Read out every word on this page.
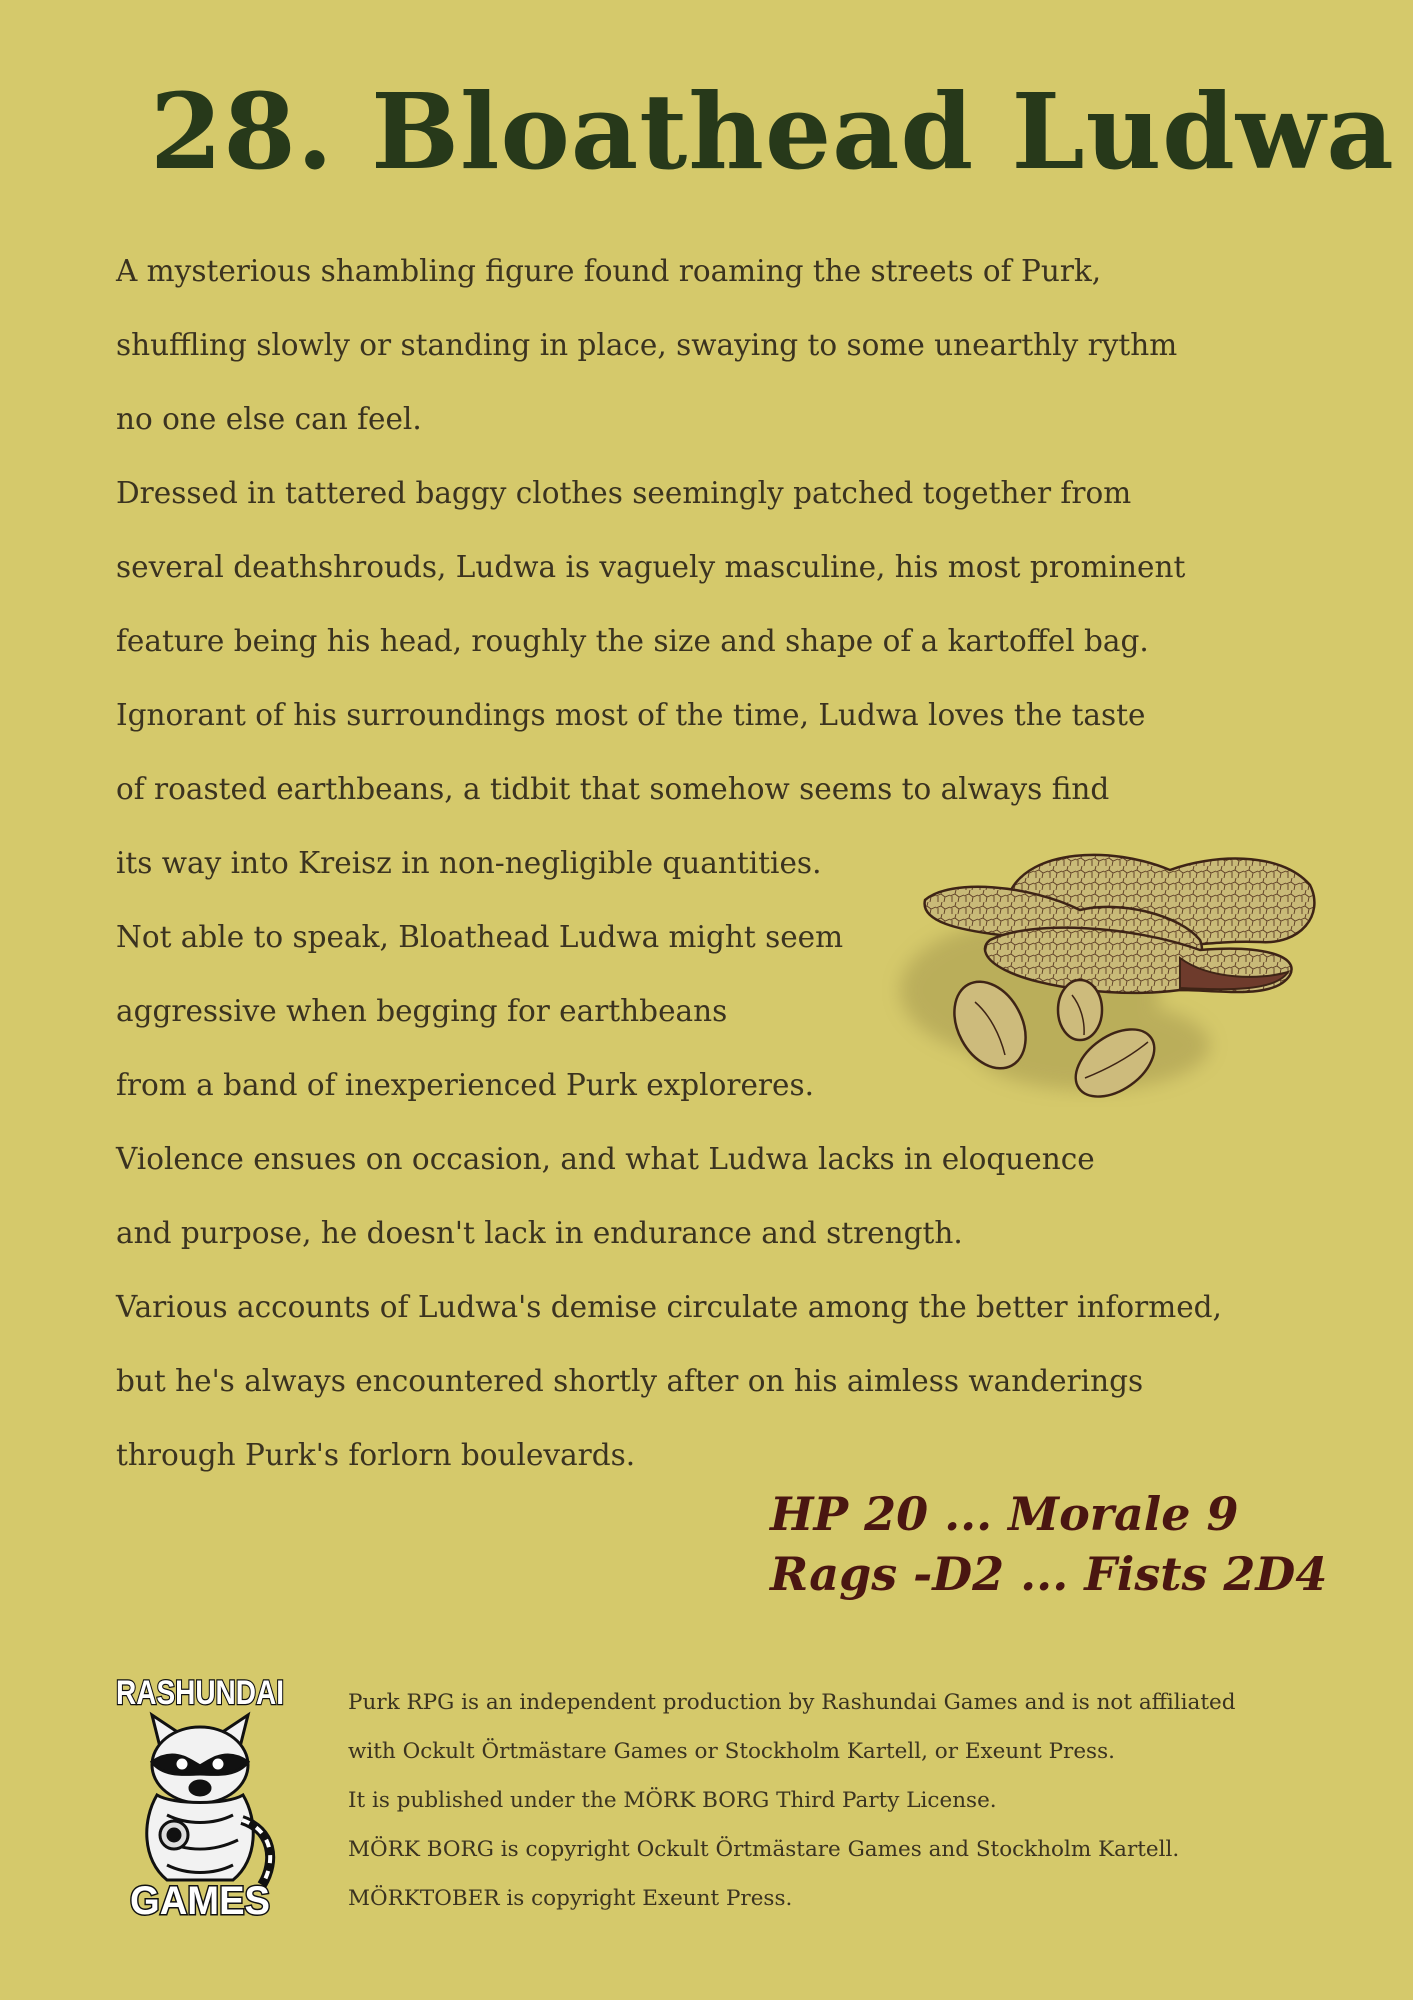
28. Bloathead Ludwa
A mysterious shambling figure found roaming the streets of Purk,
shuffling slowly or standing in place, swaying to some unearthly rythm
no one else can feel.
Dressed in tattered baggy clothes seemingly patched together from
several deathshrouds, Ludwa is vaguely masculine, his most prominent
feature being his head, roughly the size and shape of a kartoffel bag.
Ignorant of his surroundings most of the time, Ludwa loves the taste
of roasted earthbeans, a tidbit that somehow seems to always find
its way into Kreisz in non-negligible quantities.
Not able to speak, Bloathead Ludwa might seem
aggressive when begging for earthbeans
from a band of inexperienced Purk exploreres.
Violence ensues on occasion, and what Ludwa lacks in eloquence
and purpose, he doesn't lack in endurance and strength.
Various accounts of Ludwa's demise circulate among the better informed,
but he's always encountered shortly after on his aimless wanderings
through Purk's forlorn boulevards.
HP 20 ... Morale 9
Rags -D2 ... Fists 2D4
RASHUNDAI
GAMES
Purk RPG is an independent production by Rashundai Games and is not affiliated
with Ockult Örtmästare Games or Stockholm Kartell, or Exeunt Press.
It is published under the MÖRK BORG Third Party License.
MÖRK BORG is copyright Ockult Örtmästare Games and Stockholm Kartell.
MÖRKTOBER is copyright Exeunt Press.
